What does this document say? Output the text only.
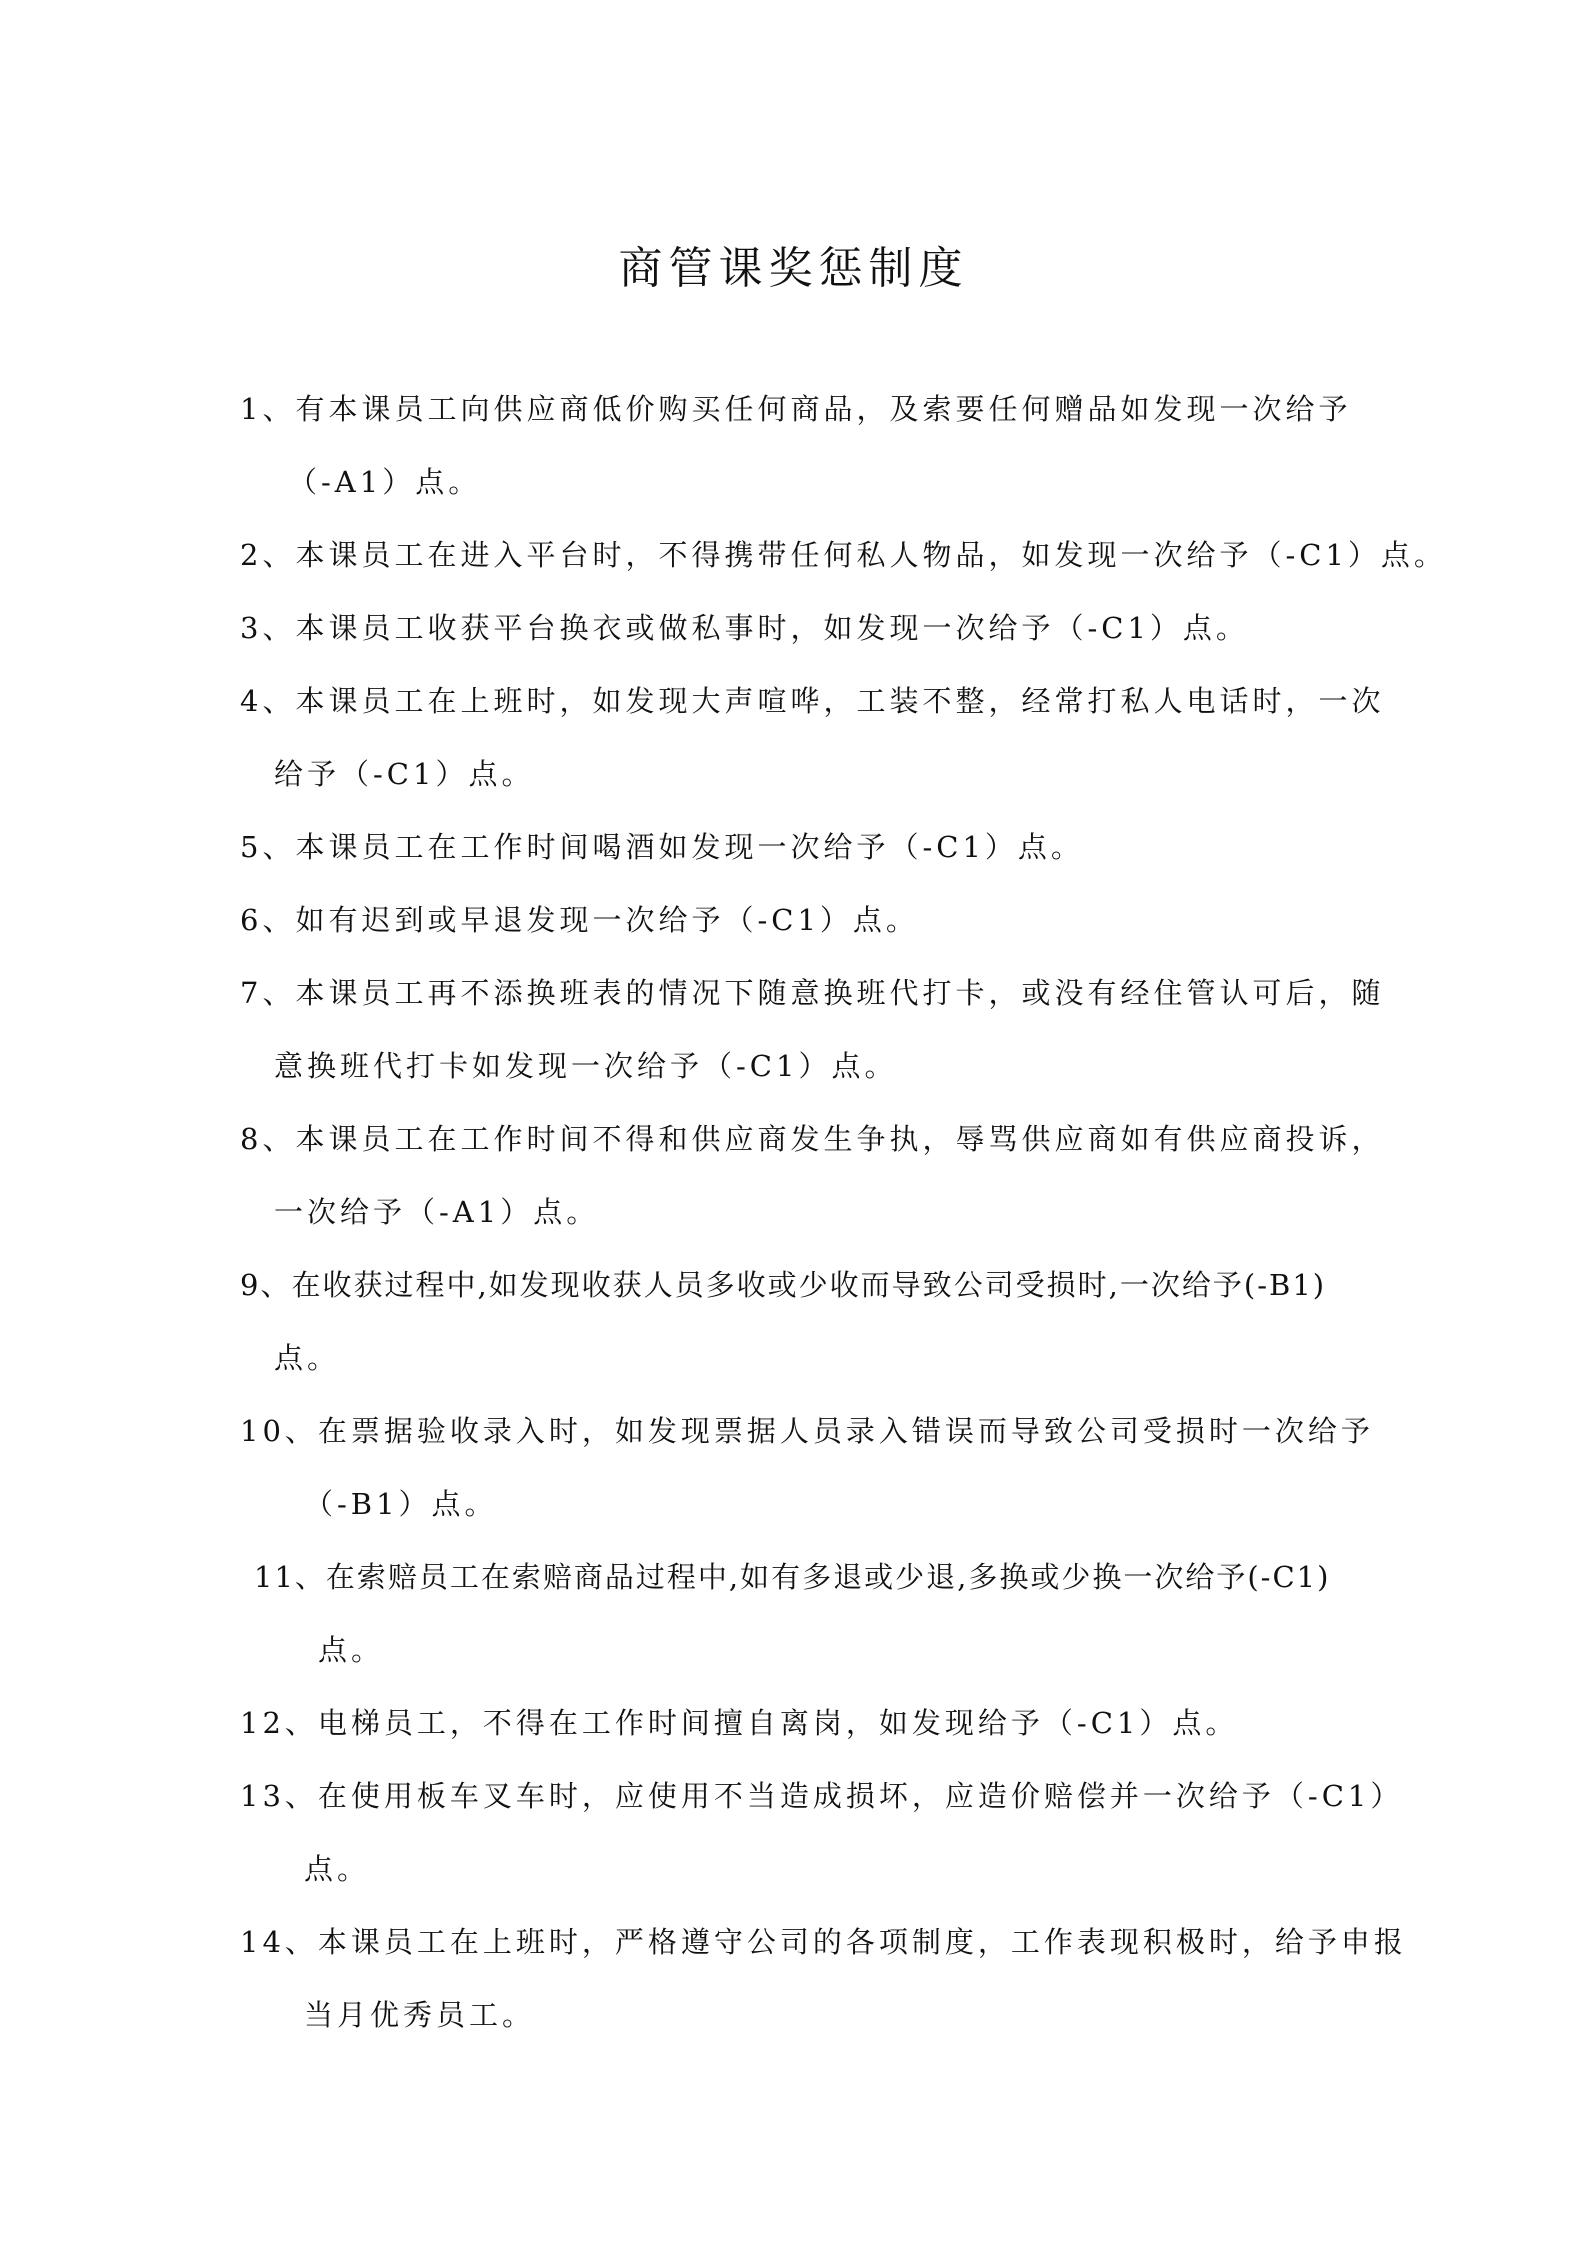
商管课奖惩制度

1、有本课员工向供应商低价购买任何商品，及索要任何赠品如发现一次给予

（-A1）点。

2、本课员工在进入平台时，不得携带任何私人物品，如发现一次给予（-C1）点。

3、本课员工收获平台换衣或做私事时，如发现一次给予（-C1）点。

4、本课员工在上班时，如发现大声喧哗，工装不整，经常打私人电话时，一次

给予（-C1）点。

5、本课员工在工作时间喝酒如发现一次给予（-C1）点。

6、如有迟到或早退发现一次给予（-C1）点。

7、本课员工再不添换班表的情况下随意换班代打卡，或没有经住管认可后，随

意换班代打卡如发现一次给予（-C1）点。

8、本课员工在工作时间不得和供应商发生争执，辱骂供应商如有供应商投诉，

一次给予（-A1）点。

9、在收获过程中,如发现收获人员多收或少收而导致公司受损时,一次给予(-B1)

点。

10、在票据验收录入时，如发现票据人员录入错误而导致公司受损时一次给予

（-B1）点。

11、在索赔员工在索赔商品过程中,如有多退或少退,多换或少换一次给予(-C1)

点。

12、电梯员工，不得在工作时间擅自离岗，如发现给予（-C1）点。

13、在使用板车叉车时，应使用不当造成损坏，应造价赔偿并一次给予（-C1）

点。

14、本课员工在上班时，严格遵守公司的各项制度，工作表现积极时，给予申报

当月优秀员工。
